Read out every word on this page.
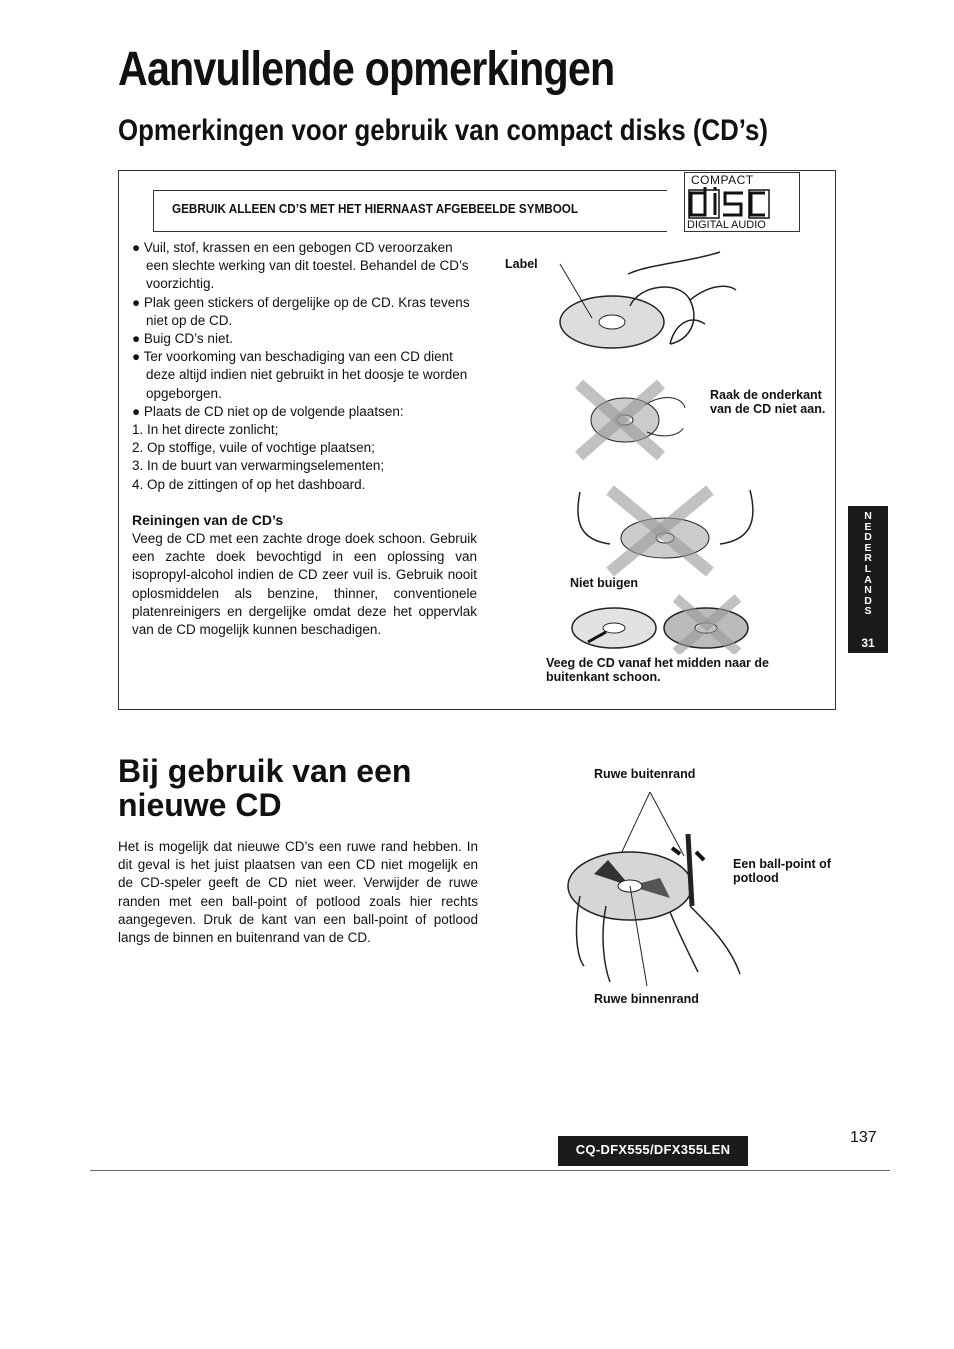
Aanvullende opmerkingen
Opmerkingen voor gebruik van compact disks (CD’s)
GEBRUIK ALLEEN CD’S MET HET HIERNAAST AFGEBEELDE SYMBOOL
COMPACT
DIGITAL AUDIO
● Vuil, stof, krassen en een gebogen CD veroorzaken een slechte werking van dit toestel. Behandel de CD’s voorzichtig.
● Plak geen stickers of dergelijke op de CD. Kras tevens niet op de CD.
● Buig CD’s niet.
● Ter voorkoming van beschadiging van een CD dient deze altijd indien niet gebruikt in het doosje te worden opgeborgen.
● Plaats de CD niet op de volgende plaatsen:
1. In het directe zonlicht;
2. Op stoffige, vuile of vochtige plaatsen;
3. In de buurt van verwarmingselementen;
4. Op de zittingen of op het dashboard.
Reiningen van de CD’s
Veeg de CD met een zachte droge doek schoon. Gebruik een zachte doek bevochtigd in een oplossing van isopropyl-alcohol indien de CD zeer vuil is. Gebruik nooit oplosmiddelen als benzine, thinner, conventionele platenreinigers en dergelijke omdat deze het oppervlak van de CD mogelijk kunnen beschadigen.
Label
Raak de onderkant van de CD niet aan.
Niet buigen
Veeg de CD vanaf het midden naar de buitenkant schoon.
N
E
D
E
R
L
A
N
D
S
31
Bij gebruik van een nieuwe CD
Het is mogelijk dat nieuwe CD’s een ruwe rand hebben. In dit geval is het juist plaatsen van een CD niet mogelijk en de CD-speler geeft de CD niet weer. Verwijder de ruwe randen met een ball-point of potlood zoals hier rechts aangegeven. Druk de kant van een ball-point of potlood langs de binnen en buitenrand van de CD.
Ruwe buitenrand
Een ball-point of potlood
Ruwe binnenrand
137
CQ-DFX555/DFX355LEN
